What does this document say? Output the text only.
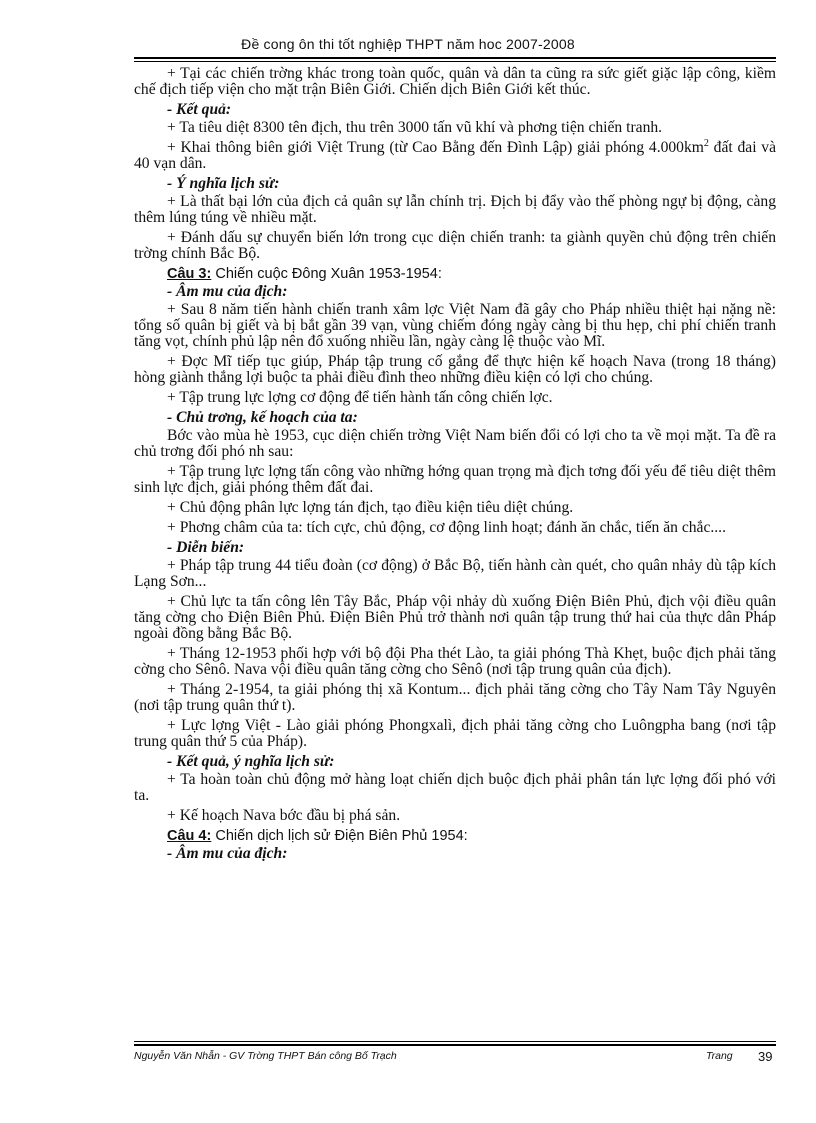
Đề cong ôn thi tốt nghiệp THPT năm hoc 2007-2008

+ Tại các chiến trờng khác trong toàn quốc, quân và dân ta cũng ra sức giết giặc lập công, kiềm chế địch tiếp viện cho mặt trận Biên Giới. Chiến dịch Biên Giới kết thúc.

- Kết quả:

+ Ta tiêu diệt 8300 tên địch, thu trên 3000 tấn vũ khí và phơng tiện chiến tranh.

+ Khai thông biên giới Việt Trung (từ Cao Bằng đến Đình Lập) giải phóng $4.000km^2$ đất đai và 40 vạn dân.

- Ý nghĩa lịch sử:

+ Là thất bại lớn của địch cả quân sự lẫn chính trị. Địch bị đẩy vào thế phòng ngự bị động, càng thêm lúng túng về nhiều mặt.

+ Đánh dấu sự chuyển biến lớn trong cục diện chiến tranh: ta giành quyền chủ động trên chiến trờng chính Bắc Bộ.

Câu 3: Chiến cuộc Đông Xuân 1953-1954:
- Âm mu của địch:

+ Sau 8 năm tiến hành chiến tranh xâm lợc Việt Nam đã gây cho Pháp nhiều thiệt hại nặng nề: tổng số quân bị giết và bị bắt gần 39 vạn, vùng chiếm đóng ngày càng bị thu hẹp, chi phí chiến tranh tăng vọt, chính phủ lập nên đổ xuống nhiều lần, ngày càng lệ thuộc vào Mĩ.

+ Đợc Mĩ tiếp tục giúp, Pháp tập trung cố gắng để thực hiện kế hoạch Nava (trong 18 tháng) hòng giành thắng lợi buộc ta phải điều đình theo những điều kiện có lợi cho chúng.

+ Tập trung lực lợng cơ động để tiến hành tấn công chiến lợc.

- Chủ trơng, kế hoạch của ta:

Bớc vào mùa hè 1953, cục diện chiến trờng Việt Nam biến đổi có lợi cho ta về mọi mặt. Ta đề ra chủ trơng đối phó nh sau:

+ Tập trung lực lợng tấn công vào những hớng quan trọng mà địch tơng đối yếu để tiêu diệt thêm sinh lực địch, giải phóng thêm đất đai.

+ Chủ động phân lực lợng tán địch, tạo điều kiện tiêu diệt chúng.

+ Phơng châm của ta: tích cực, chủ động, cơ động linh hoạt; đánh ăn chắc, tiến ăn chắc....

- Diễn biến:

+ Pháp tập trung 44 tiểu đoàn (cơ động) ở Bắc Bộ, tiến hành càn quét, cho quân nhảy dù tập kích Lạng Sơn...

+ Chủ lực ta tấn công lên Tây Bắc, Pháp vội nhảy dù xuống Điện Biên Phủ, địch vội điều quân tăng cờng cho Điện Biên Phủ. Điện Biên Phủ trở thành nơi quân tập trung thứ hai của thực dân Pháp ngoài đồng bằng Bắc Bộ.

+ Tháng 12-1953 phối hợp với bộ đội Pha thét Lào, ta giải phóng Thà Khẹt, buộc địch phải tăng cờng cho Sênô. Nava vội điều quân tăng cờng cho Sênô (nơi tập trung quân của địch).

+ Tháng 2-1954, ta giải phóng thị xã Kontum... địch phải tăng cờng cho Tây Nam Tây Nguyên (nơi tập trung quân thứ t).

+ Lực lợng Việt - Lào giải phóng Phongxalì, địch phải tăng cờng cho Luôngpha bang (nơi tập trung quân thứ 5 của Pháp).

- Kết quả, ý nghĩa lịch sử:

+ Ta hoàn toàn chủ động mở hàng loạt chiến dịch buộc địch phải phân tán lực lợng đối phó với ta.

+ Kế hoạch Nava bớc đầu bị phá sản.

Câu 4: Chiến dịch lịch sử Điện Biên Phủ 1954:
- Âm mu của địch:
Nguyễn Văn Nhẫn - GV Trờng THPT Bán công Bố Trạch	Trang 39
